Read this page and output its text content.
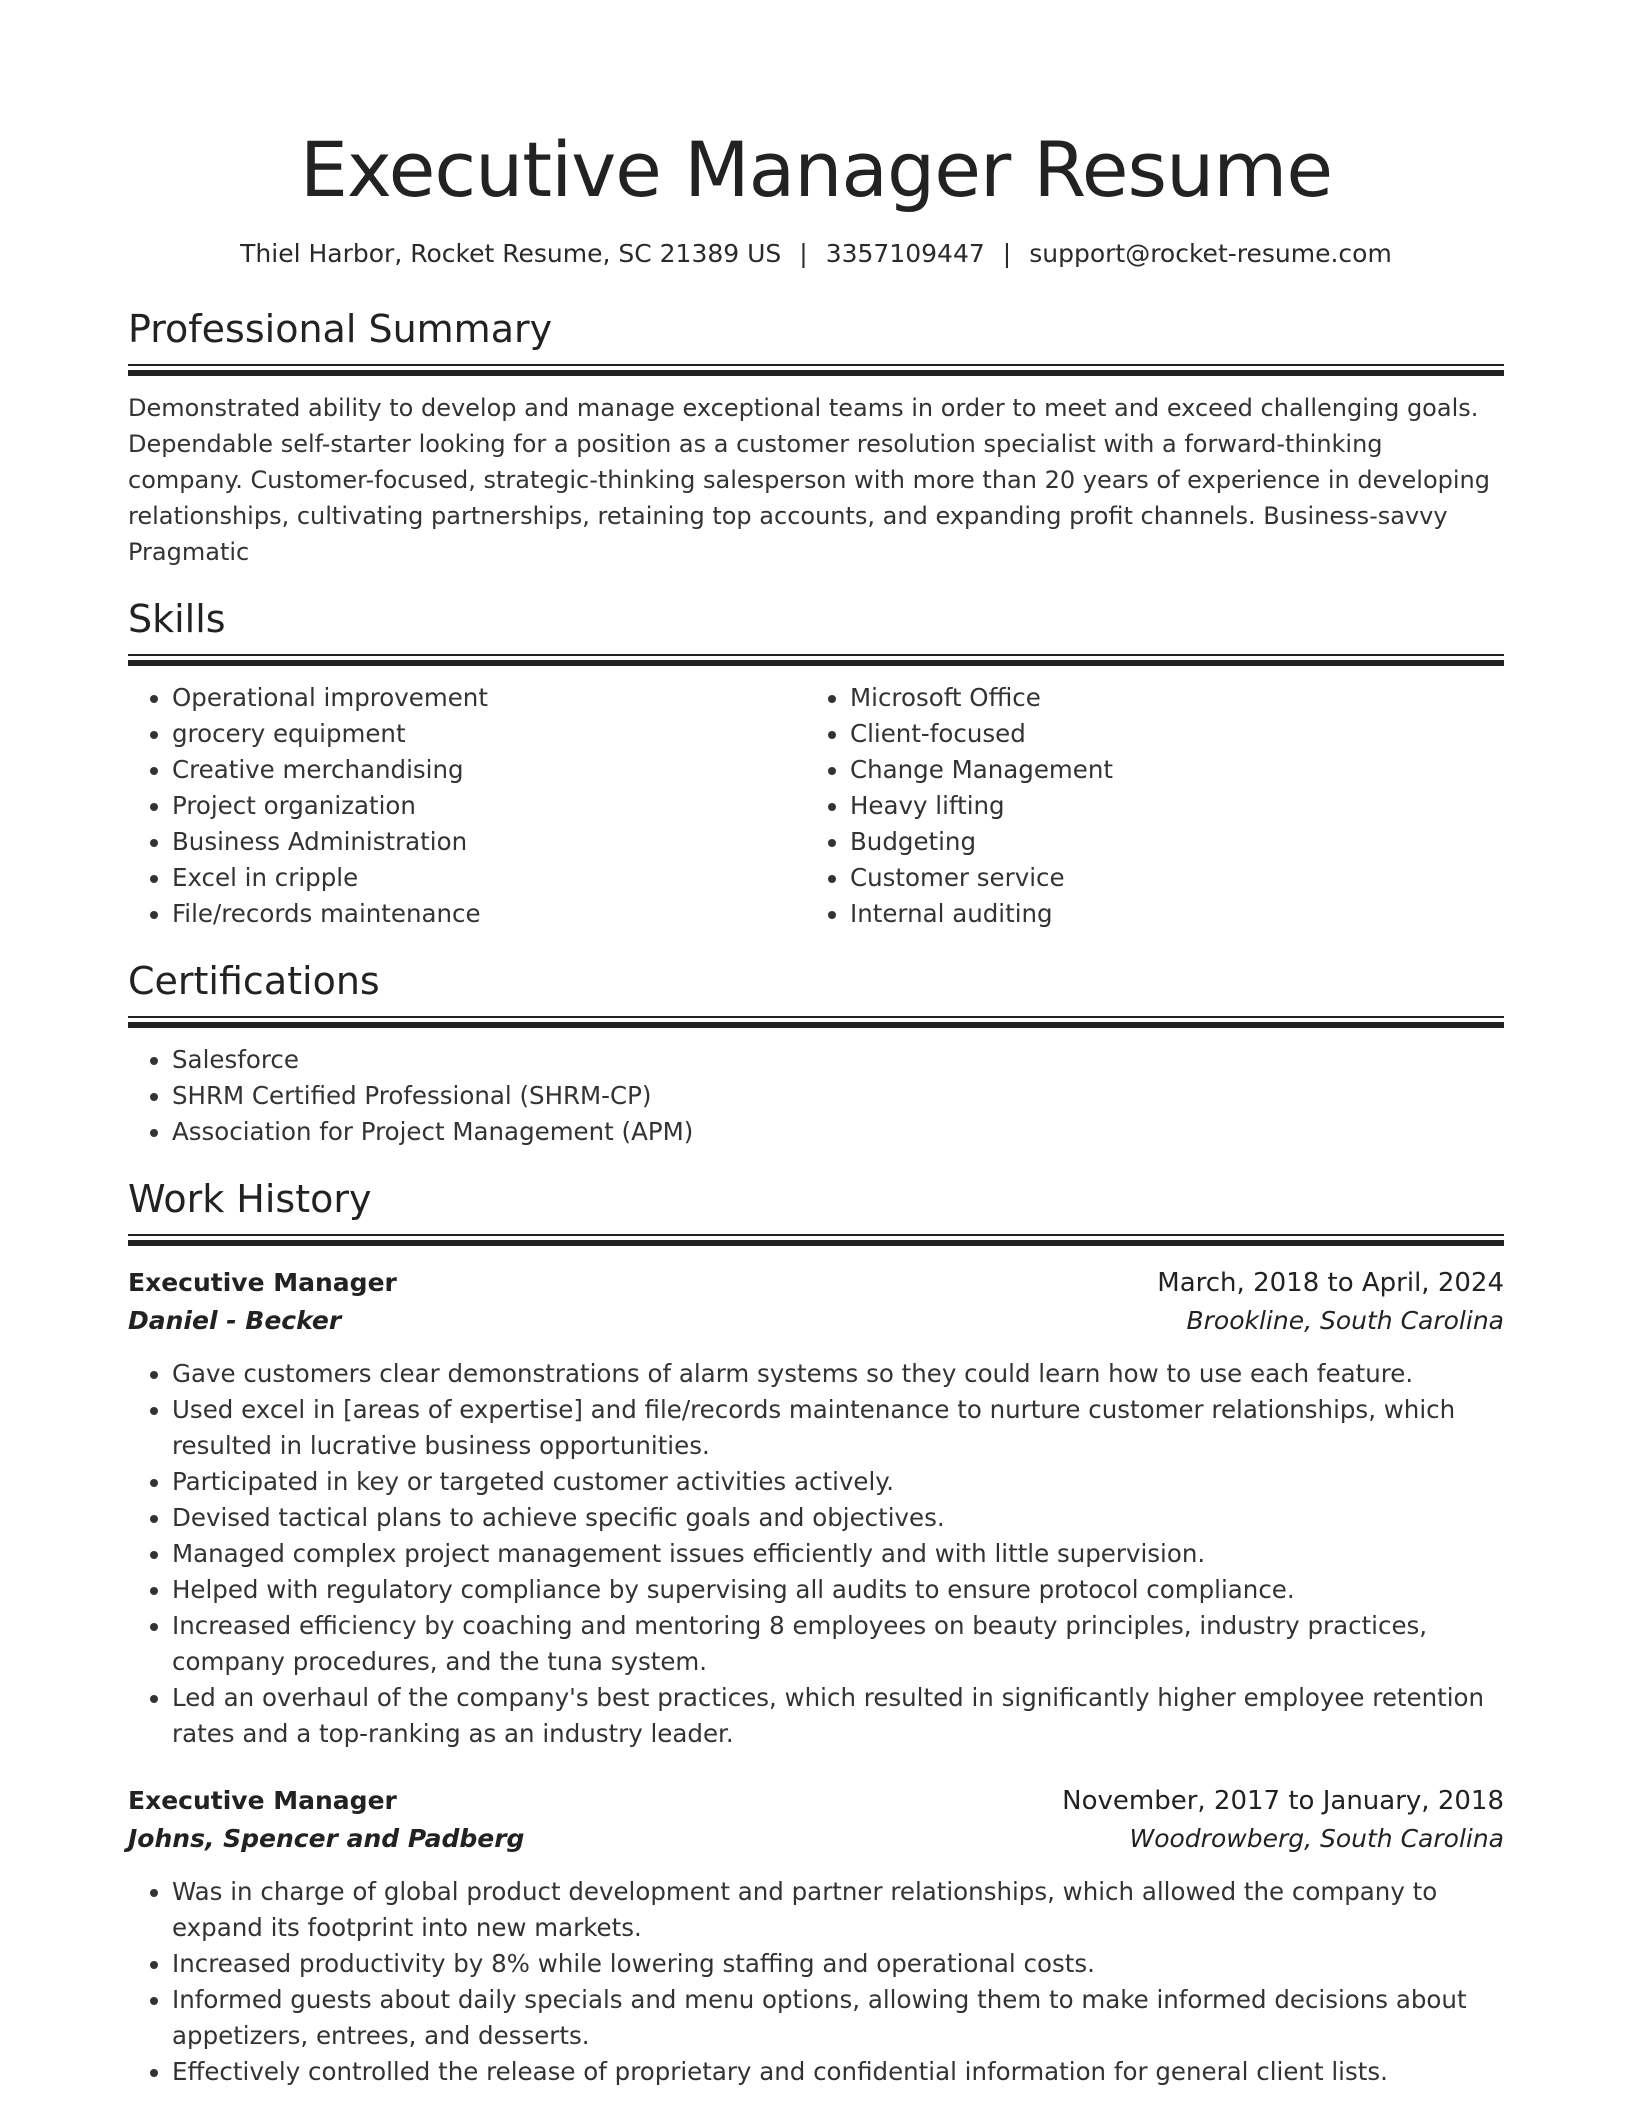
Executive Manager Resume
Thiel Harbor, Rocket Resume, SC 21389 US | 3357109447 | support@rocket-resume.com
Professional Summary
Demonstrated ability to develop and manage exceptional teams in order to meet and exceed challenging goals. Dependable self-starter looking for a position as a customer resolution specialist with a forward-thinking company. Customer-focused, strategic-thinking salesperson with more than 20 years of experience in developing relationships, cultivating partnerships, retaining top accounts, and expanding profit channels. Business-savvy Pragmatic
Skills
• Operational improvement
• grocery equipment
• Creative merchandising
• Project organization
• Business Administration
• Excel in cripple
• File/records maintenance
• Microsoft Office
• Client-focused
• Change Management
• Heavy lifting
• Budgeting
• Customer service
• Internal auditing
Certifications
• Salesforce
• SHRM Certified Professional (SHRM-CP)
• Association for Project Management (APM)
Work History
Executive Manager	March, 2018 to April, 2024
Daniel - Becker	Brookline, South Carolina
• Gave customers clear demonstrations of alarm systems so they could learn how to use each feature.
• Used excel in [areas of expertise] and file/records maintenance to nurture customer relationships, which resulted in lucrative business opportunities.
• Participated in key or targeted customer activities actively.
• Devised tactical plans to achieve specific goals and objectives.
• Managed complex project management issues efficiently and with little supervision.
• Helped with regulatory compliance by supervising all audits to ensure protocol compliance.
• Increased efficiency by coaching and mentoring 8 employees on beauty principles, industry practices, company procedures, and the tuna system.
• Led an overhaul of the company's best practices, which resulted in significantly higher employee retention rates and a top-ranking as an industry leader.
Executive Manager	November, 2017 to January, 2018
Johns, Spencer and Padberg	Woodrowberg, South Carolina
• Was in charge of global product development and partner relationships, which allowed the company to expand its footprint into new markets.
• Increased productivity by 8% while lowering staffing and operational costs.
• Informed guests about daily specials and menu options, allowing them to make informed decisions about appetizers, entrees, and desserts.
• Effectively controlled the release of proprietary and confidential information for general client lists.
